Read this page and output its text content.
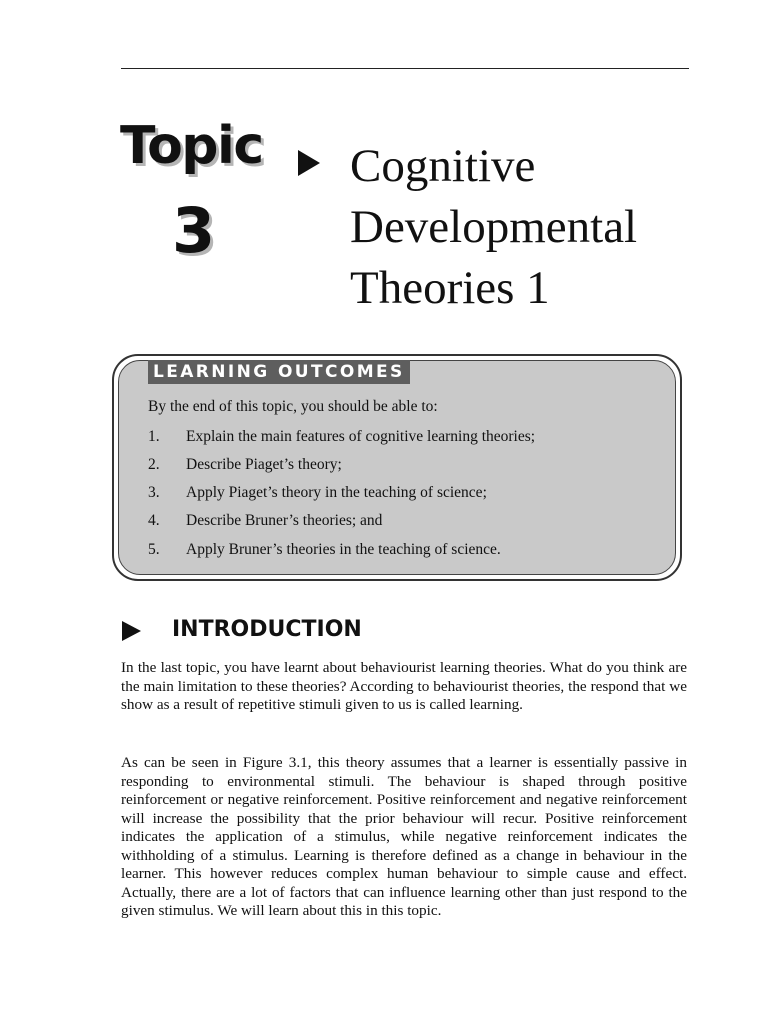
Topic
3
Cognitive
Developmental
Theories 1
LEARNING OUTCOMES
By the end of this topic, you should be able to:
1. Explain the main features of cognitive learning theories;
2. Describe Piaget’s theory;
3. Apply Piaget’s theory in the teaching of science;
4. Describe Bruner’s theories; and
5. Apply Bruner’s theories in the teaching of science.
INTRODUCTION

In the last topic, you have learnt about behaviourist learning theories. What do you think are the main limitation to these theories? According to behaviourist theories, the respond that we show as a result of repetitive stimuli given to us is called learning.

As can be seen in Figure 3.1, this theory assumes that a learner is essentially passive in responding to environmental stimuli. The behaviour is shaped through positive reinforcement or negative reinforcement. Positive reinforcement and negative reinforcement will increase the possibility that the prior behaviour will recur. Positive reinforcement indicates the application of a stimulus, while negative reinforcement indicates the withholding of a stimulus. Learning is therefore defined as a change in behaviour in the learner. This however reduces complex human behaviour to simple cause and effect. Actually, there are a lot of factors that can influence learning other than just respond to the given stimulus. We will learn about this in this topic.
